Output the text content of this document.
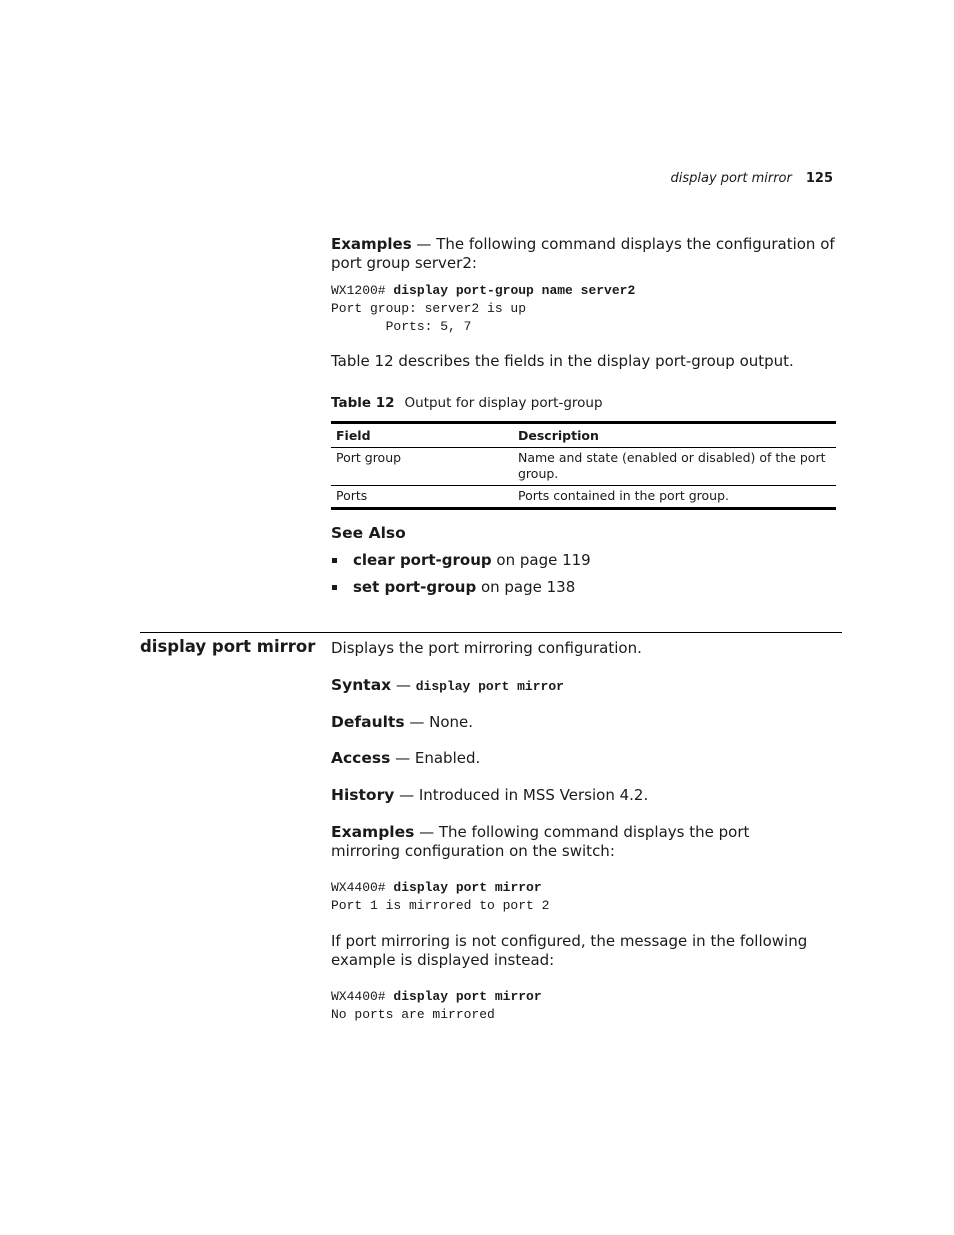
display port mirror 125
Examples — The following command displays the configuration of port group server2:
WX1200# display port-group name server2
Port group: server2 is up
Ports: 5, 7
Table 12 describes the fields in the display port-group output.
Table 12 Output for display port-group
Field	Description
Port group	Name and state (enabled or disabled) of the port group.
Ports	Ports contained in the port group.
See Also
clear port-group on page 119
set port-group on page 138
display port mirror Displays the port mirroring configuration.
Syntax — display port mirror
Defaults — None.
Access — Enabled.
History — Introduced in MSS Version 4.2.
Examples — The following command displays the port mirroring configuration on the switch:
WX4400# display port mirror
Port 1 is mirrored to port 2
If port mirroring is not configured, the message in the following example is displayed instead:
WX4400# display port mirror
No ports are mirrored
